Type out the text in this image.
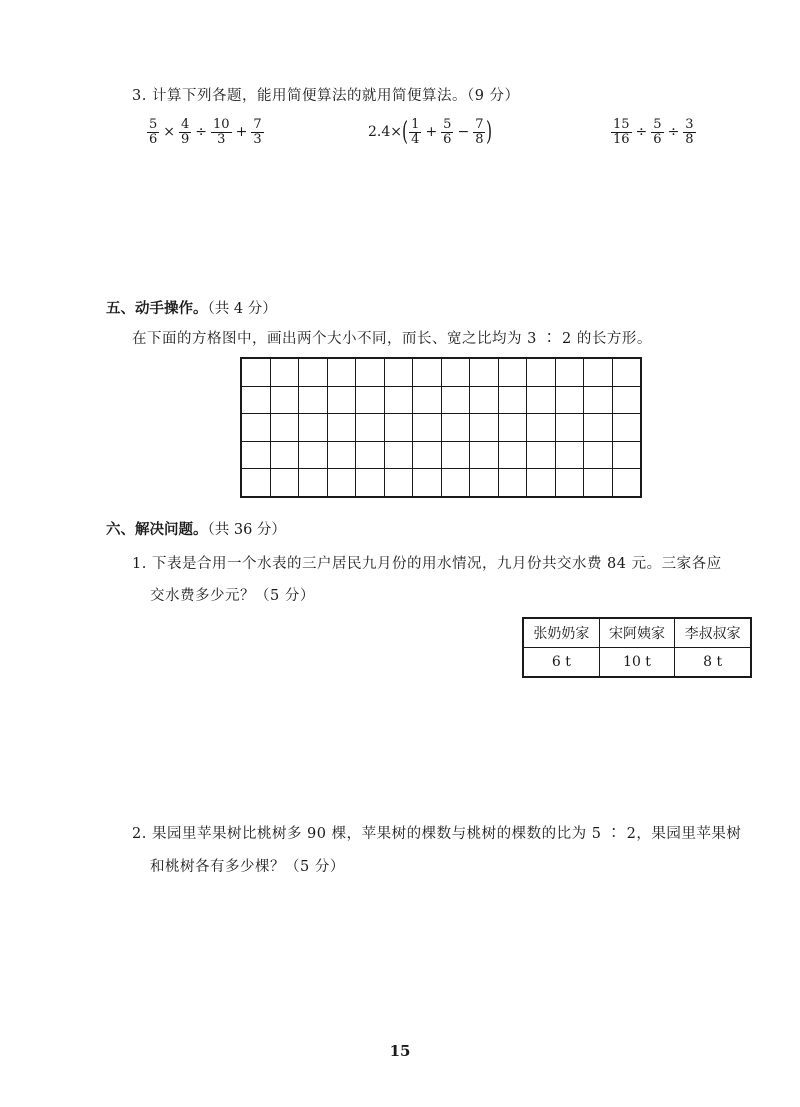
3. 计算下列各题，能用简便算法的就用简便算法。（9 分）
$\frac{5}{6} \times \frac{4}{9} \div \frac{10}{3} + \frac{7}{3}$	2.4× ( $\frac{1}{4} + \frac{5}{6} - \frac{7}{8}$ )	$\frac{15}{16} \div \frac{5}{6} \div \frac{3}{8}$
五、动手操作。（共 4 分）
在下面的方格图中，画出两个大小不同，而长、宽之比均为 3 ∶ 2 的长方形。

六、解决问题。（共 36 分）
1. 下表是合用一个水表的三户居民九月份的用水情况，九月份共交水费 84 元。三家各应
交水费多少元？（5 分）
张奶奶家	宋阿姨家	李叔叔家
6 t	10 t	8 t
2. 果园里苹果树比桃树多 90 棵，苹果树的棵数与桃树的棵数的比为 5 ∶ 2，果园里苹果树
和桃树各有多少棵？（5 分）
15
